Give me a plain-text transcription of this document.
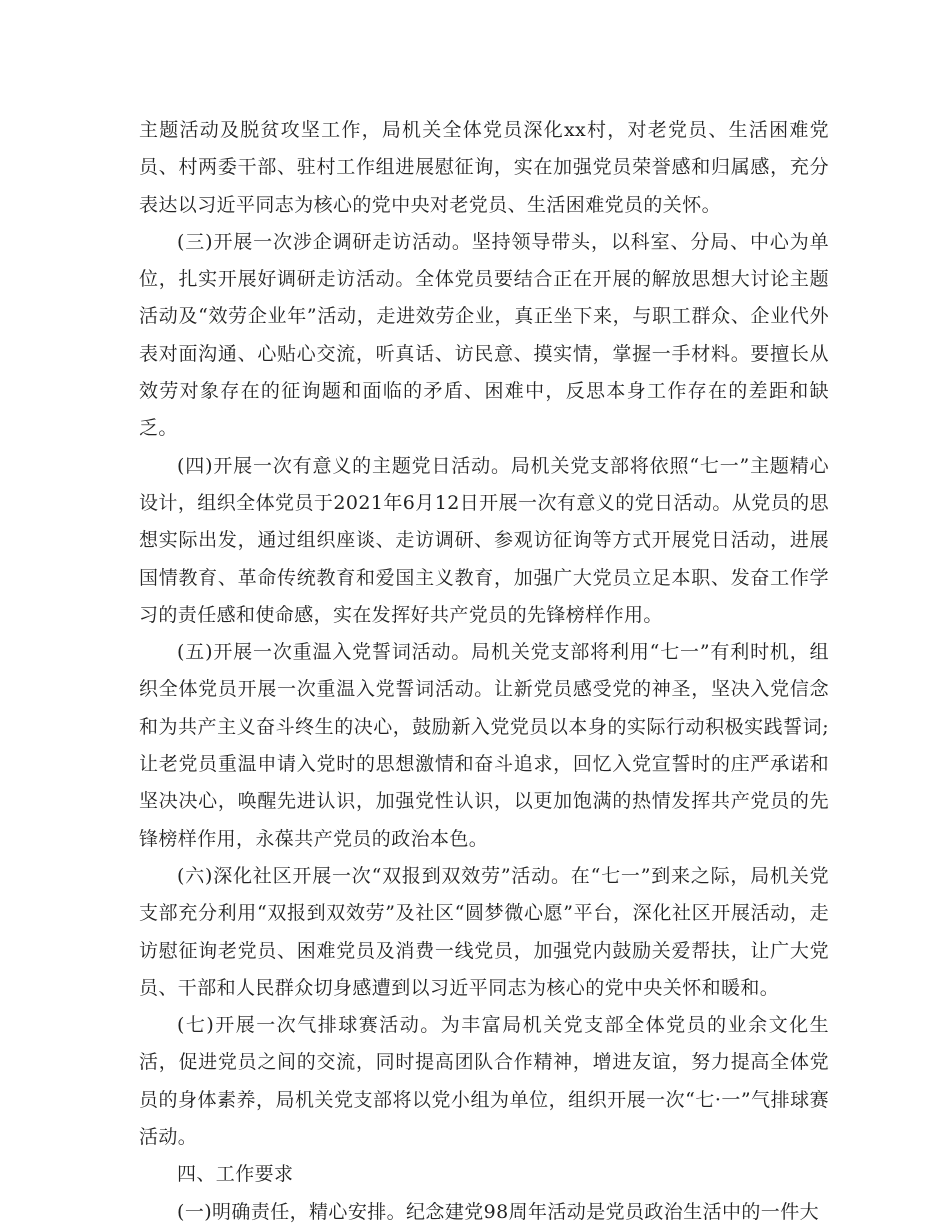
主题活动及脱贫攻坚工作，局机关全体党员深化xx村，对老党员、生活困难党员、村两委干部、驻村工作组进展慰征询，实在加强党员荣誉感和归属感，充分表达以习近平同志为核心的党中央对老党员、生活困难党员的关怀。

(三)开展一次涉企调研走访活动。坚持领导带头，以科室、分局、中心为单位，扎实开展好调研走访活动。全体党员要结合正在开展的解放思想大讨论主题活动及“效劳企业年”活动，走进效劳企业，真正坐下来，与职工群众、企业代外表对面沟通、心贴心交流，听真话、访民意、摸实情，掌握一手材料。要擅长从效劳对象存在的征询题和面临的矛盾、困难中，反思本身工作存在的差距和缺乏。

(四)开展一次有意义的主题党日活动。局机关党支部将依照“七一”主题精心设计，组织全体党员于2021年6月12日开展一次有意义的党日活动。从党员的思想实际出发，通过组织座谈、走访调研、参观访征询等方式开展党日活动，进展国情教育、革命传统教育和爱国主义教育，加强广大党员立足本职、发奋工作学习的责任感和使命感，实在发挥好共产党员的先锋榜样作用。

(五)开展一次重温入党誓词活动。局机关党支部将利用“七一”有利时机，组织全体党员开展一次重温入党誓词活动。让新党员感受党的神圣，坚决入党信念和为共产主义奋斗终生的决心，鼓励新入党党员以本身的实际行动积极实践誓词;让老党员重温申请入党时的思想激情和奋斗追求，回忆入党宣誓时的庄严承诺和坚决决心，唤醒先进认识，加强党性认识，以更加饱满的热情发挥共产党员的先锋榜样作用，永葆共产党员的政治本色。

(六)深化社区开展一次“双报到双效劳”活动。在“七一”到来之际，局机关党支部充分利用“双报到双效劳”及社区“圆梦微心愿”平台，深化社区开展活动，走访慰征询老党员、困难党员及消费一线党员，加强党内鼓励关爱帮扶，让广大党员、干部和人民群众切身感遭到以习近平同志为核心的党中央关怀和暖和。

(七)开展一次气排球赛活动。为丰富局机关党支部全体党员的业余文化生活，促进党员之间的交流，同时提高团队合作精神，增进友谊，努力提高全体党员的身体素养，局机关党支部将以党小组为单位，组织开展一次“七·一”气排球赛活动。

四、工作要求

(一)明确责任，精心安排。纪念建党98周年活动是党员政治生活中的一件大
